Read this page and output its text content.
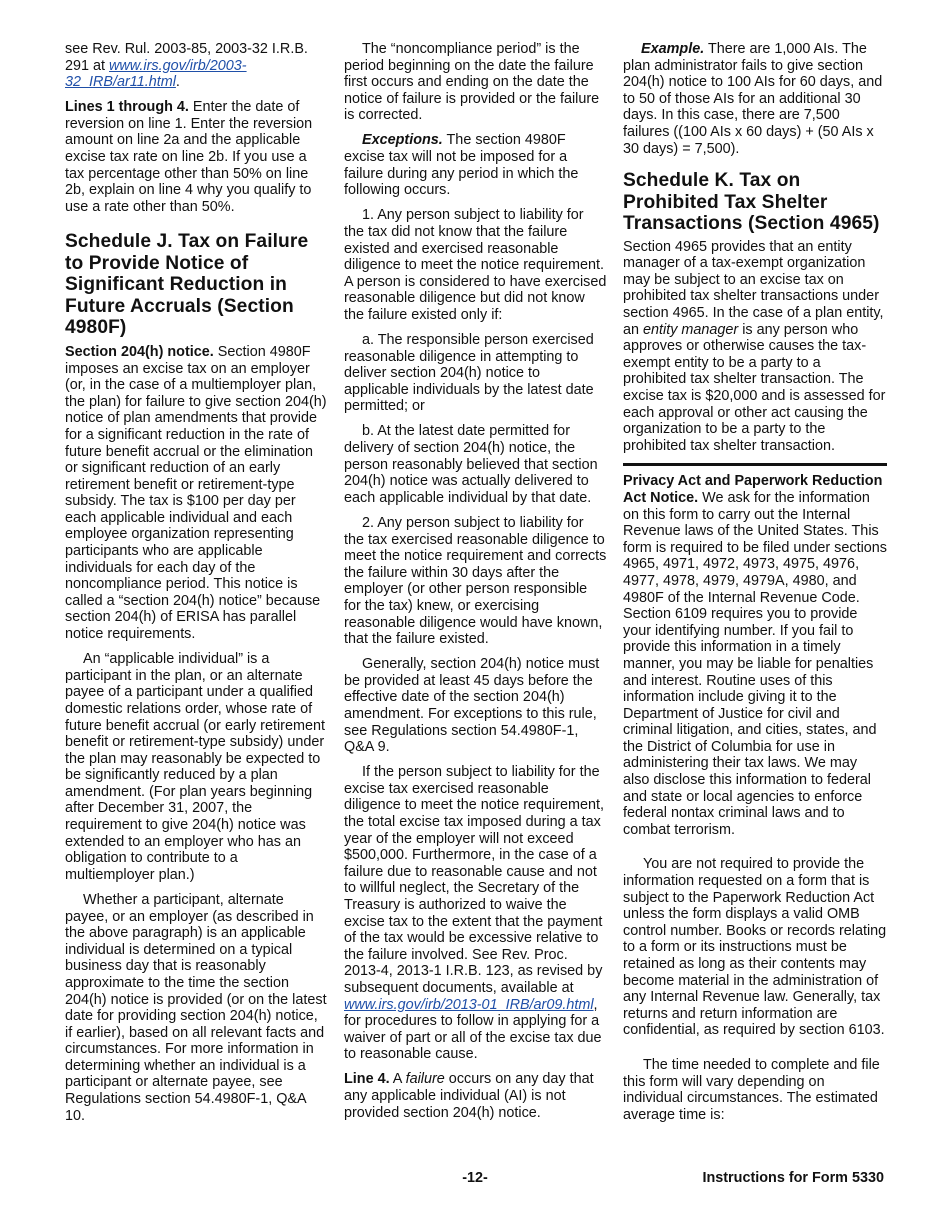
see Rev. Rul. 2003-85, 2003-32 I.R.B. 291 at www.irs.gov/irb/2003-32_IRB/ar11.html.

Lines 1 through 4. Enter the date of reversion on line 1. Enter the reversion amount on line 2a and the applicable excise tax rate on line 2b. If you use a tax percentage other than 50% on line 2b, explain on line 4 why you qualify to use a rate other than 50%.

Schedule J. Tax on Failure to Provide Notice of Significant Reduction in Future Accruals (Section 4980F)

Section 204(h) notice. Section 4980F imposes an excise tax on an employer (or, in the case of a multiemployer plan, the plan) for failure to give section 204(h) notice of plan amendments that provide for a significant reduction in the rate of future benefit accrual or the elimination or significant reduction of an early retirement benefit or retirement-type subsidy. The tax is $100 per day per each applicable individual and each employee organization representing participants who are applicable individuals for each day of the noncompliance period. This notice is called a “section 204(h) notice” because section 204(h) of ERISA has parallel notice requirements.

An “applicable individual” is a participant in the plan, or an alternate payee of a participant under a qualified domestic relations order, whose rate of future benefit accrual (or early retirement benefit or retirement-type subsidy) under the plan may reasonably be expected to be significantly reduced by a plan amendment. (For plan years beginning after December 31, 2007, the requirement to give 204(h) notice was extended to an employer who has an obligation to contribute to a multiemployer plan.)

Whether a participant, alternate payee, or an employer (as described in the above paragraph) is an applicable individual is determined on a typical business day that is reasonably approximate to the time the section 204(h) notice is provided (or on the latest date for providing section 204(h) notice, if earlier), based on all relevant facts and circumstances. For more information in determining whether an individual is a participant or alternate payee, see Regulations section 54.4980F-1, Q&A 10.

The “noncompliance period” is the period beginning on the date the failure first occurs and ending on the date the notice of failure is provided or the failure is corrected.

Exceptions. The section 4980F excise tax will not be imposed for a failure during any period in which the following occurs.

1. Any person subject to liability for the tax did not know that the failure existed and exercised reasonable diligence to meet the notice requirement. A person is considered to have exercised reasonable diligence but did not know the failure existed only if:

a. The responsible person exercised reasonable diligence in attempting to deliver section 204(h) notice to applicable individuals by the latest date permitted; or

b. At the latest date permitted for delivery of section 204(h) notice, the person reasonably believed that section 204(h) notice was actually delivered to each applicable individual by that date.

2. Any person subject to liability for the tax exercised reasonable diligence to meet the notice requirement and corrects the failure within 30 days after the employer (or other person responsible for the tax) knew, or exercising reasonable diligence would have known, that the failure existed.

Generally, section 204(h) notice must be provided at least 45 days before the effective date of the section 204(h) amendment. For exceptions to this rule, see Regulations section 54.4980F-1, Q&A 9.

If the person subject to liability for the excise tax exercised reasonable diligence to meet the notice requirement, the total excise tax imposed during a tax year of the employer will not exceed $500,000. Furthermore, in the case of a failure due to reasonable cause and not to willful neglect, the Secretary of the Treasury is authorized to waive the excise tax to the extent that the payment of the tax would be excessive relative to the failure involved. See Rev. Proc. 2013-4, 2013-1 I.R.B. 123, as revised by subsequent documents, available at www.irs.gov/irb/2013-01_IRB/ar09.html, for procedures to follow in applying for a waiver of part or all of the excise tax due to reasonable cause.

Line 4. A failure occurs on any day that any applicable individual (AI) is not provided section 204(h) notice.

Example. There are 1,000 AIs. The plan administrator fails to give section 204(h) notice to 100 AIs for 60 days, and to 50 of those AIs for an additional 30 days. In this case, there are 7,500 failures ((100 AIs x 60 days) + (50 AIs x 30 days) = 7,500).

Schedule K. Tax on Prohibited Tax Shelter Transactions (Section 4965)

Section 4965 provides that an entity manager of a tax-exempt organization may be subject to an excise tax on prohibited tax shelter transactions under section 4965. In the case of a plan entity, an entity manager is any person who approves or otherwise causes the tax-exempt entity to be a party to a prohibited tax shelter transaction. The excise tax is $20,000 and is assessed for each approval or other act causing the organization to be a party to the prohibited tax shelter transaction.

Privacy Act and Paperwork Reduction Act Notice. We ask for the information on this form to carry out the Internal Revenue laws of the United States. This form is required to be filed under sections 4965, 4971, 4972, 4973, 4975, 4976, 4977, 4978, 4979, 4979A, 4980, and 4980F of the Internal Revenue Code. Section 6109 requires you to provide your identifying number. If you fail to provide this information in a timely manner, you may be liable for penalties and interest. Routine uses of this information include giving it to the Department of Justice for civil and criminal litigation, and cities, states, and the District of Columbia for use in administering their tax laws. We may also disclose this information to federal and state or local agencies to enforce federal nontax criminal laws and to combat terrorism.

You are not required to provide the information requested on a form that is subject to the Paperwork Reduction Act unless the form displays a valid OMB control number. Books or records relating to a form or its instructions must be retained as long as their contents may become material in the administration of any Internal Revenue law. Generally, tax returns and return information are confidential, as required by section 6103.

The time needed to complete and file this form will vary depending on individual circumstances. The estimated average time is:

-12-	Instructions for Form 5330
